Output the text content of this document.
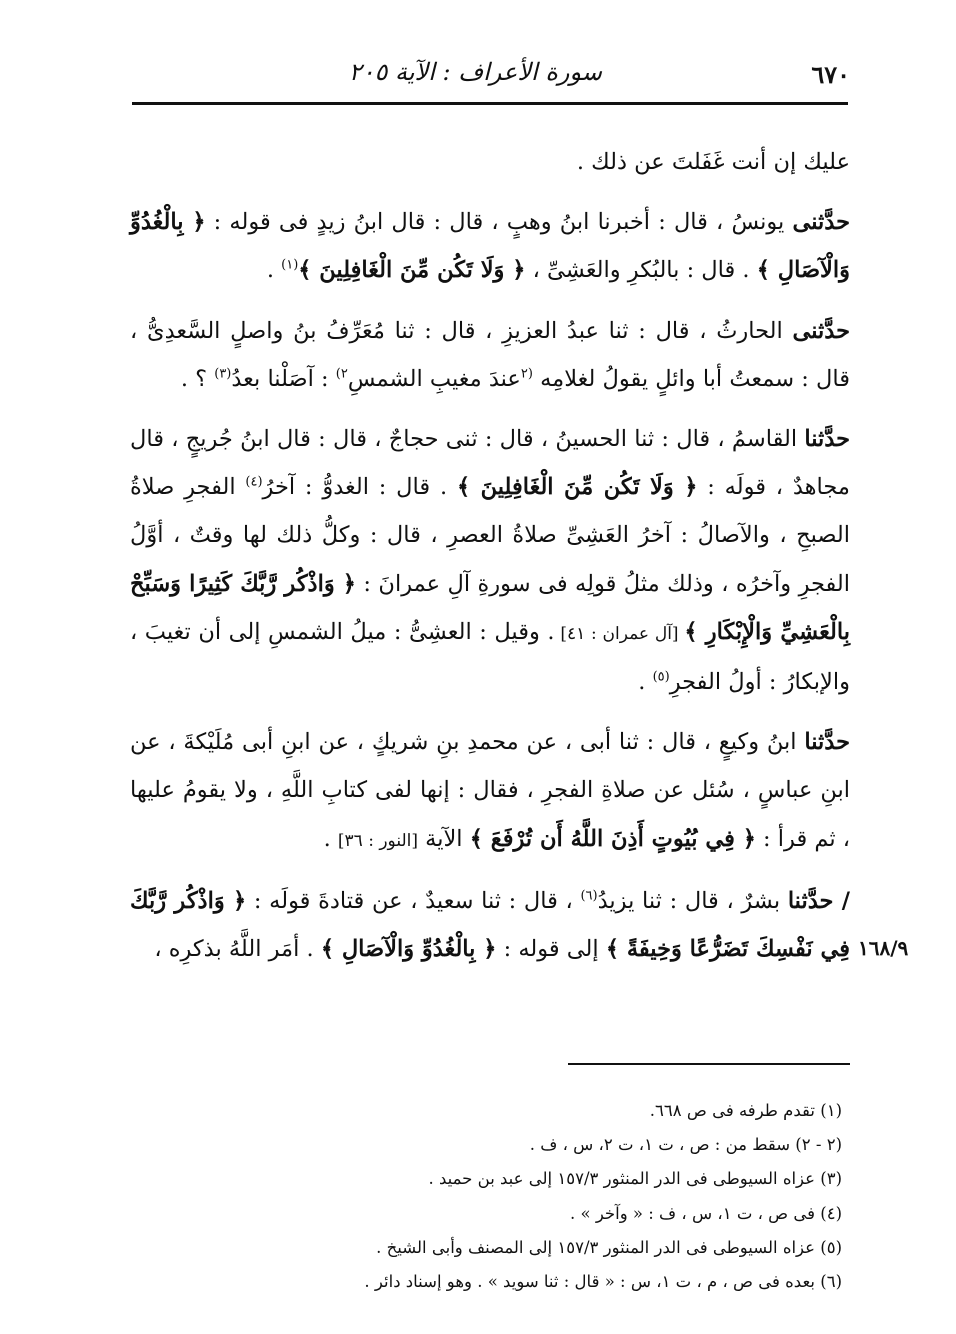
٦٧٠
سورة الأعراف : الآية ٢٠٥

عليك إن أنت غَفَلتَ عن ذلك .

حدَّثنى يونسُ ، قال : أخبرنا ابنُ وهبٍ ، قال : قال ابنُ زيدٍ فى قوله : ﴿ بِالْغُدُوِّ وَالْآصَالِ ﴾ . قال : بالبُكرِ والعَشِىِّ ، ﴿ وَلَا تَكُن مِّنَ الْغَافِلِينَ ﴾$^{(١)}$ .

حدَّثنى الحارثُ ، قال : ثنا عبدُ العزيزِ ، قال : ثنا مُعَرِّفُ بنُ واصلٍ السَّعدِىُّ ، قال : سمعتُ أبا وائلٍ يقولُ لغلامِه $^{(٢}$عندَ مغيبِ الشمسِ$^{٢)}$ : آصَلْنا بعدُ$^{(٣)}$ ؟ .

حدَّثنا القاسمُ ، قال : ثنا الحسينُ ، قال : ثنى حجاجٌ ، قال : قال ابنُ جُريجٍ ، قال مجاهدٌ ، قولَه : ﴿ وَلَا تَكُن مِّنَ الْغَافِلِينَ ﴾ . قال : الغدوُّ : آخرُ$^{(٤)}$ الفجرِ صلاةُ الصبحِ ، والآصالُ : آخرُ العَشِىِّ صلاةُ العصرِ ، قال : وكلُّ ذلك لها وقتٌ ، أوَّلُ الفجرِ وآخرُه ، وذلك مثلُ قولِه فى سورةِ آلِ عمرانَ : ﴿ وَاذْكُر رَّبَّكَ كَثِيرًا وَسَبِّحْ بِالْعَشِيِّ وَالْإِبْكَارِ ﴾ [آل عمران : ٤١] . وقيل : العشِىُّ : ميلُ الشمسِ إلى أن تغيبَ ، والإبكارُ : أولُ الفجرِ$^{(٥)}$ .

حدَّثنا ابنُ وكيعٍ ، قال : ثنا أبى ، عن محمدِ بنِ شريكٍ ، عن ابنِ أبى مُلَيْكةَ ، عن ابنِ عباسٍ ، سُئل عن صلاةِ الفجرِ ، فقال : إنها لفى كتابِ اللَّهِ ، ولا يقومُ عليها ، ثم قرأ : ﴿ فِي بُيُوتٍ أَذِنَ اللَّهُ أَن تُرْفَعَ ﴾ الآية [النور : ٣٦] .

/ حدَّثنا بشرٌ ، قال : ثنا يزيدُ$^{(٦)}$ ، قال : ثنا سعيدٌ ، عن قتادةَ قولَه : ﴿ وَاذْكُر رَّبَّكَ فِي نَفْسِكَ تَضَرُّعًا وَخِيفَةً ﴾ إلى قوله : ﴿ بِالْغُدُوِّ وَالْآصَالِ ﴾ . أمَر اللَّهُ بذكرِه ،	١٦٨/٩
(١) تقدم طرفه فى ص ٦٦٨.
(٢ - ٢) سقط من : ص ، ت ١، ت ٢، س ، ف .
(٣) عزاه السيوطى فى الدر المنثور ١٥٧/٣ إلى عبد بن حميد .
(٤) فى ص ، ت ١، س ، ف : « وآخر » .
(٥) عزاه السيوطى فى الدر المنثور ١٥٧/٣ إلى المصنف وأبى الشيخ .
(٦) بعده فى ص ، م ، ت ١، س : « قال : ثنا سويد » . وهو إسناد دائر .
